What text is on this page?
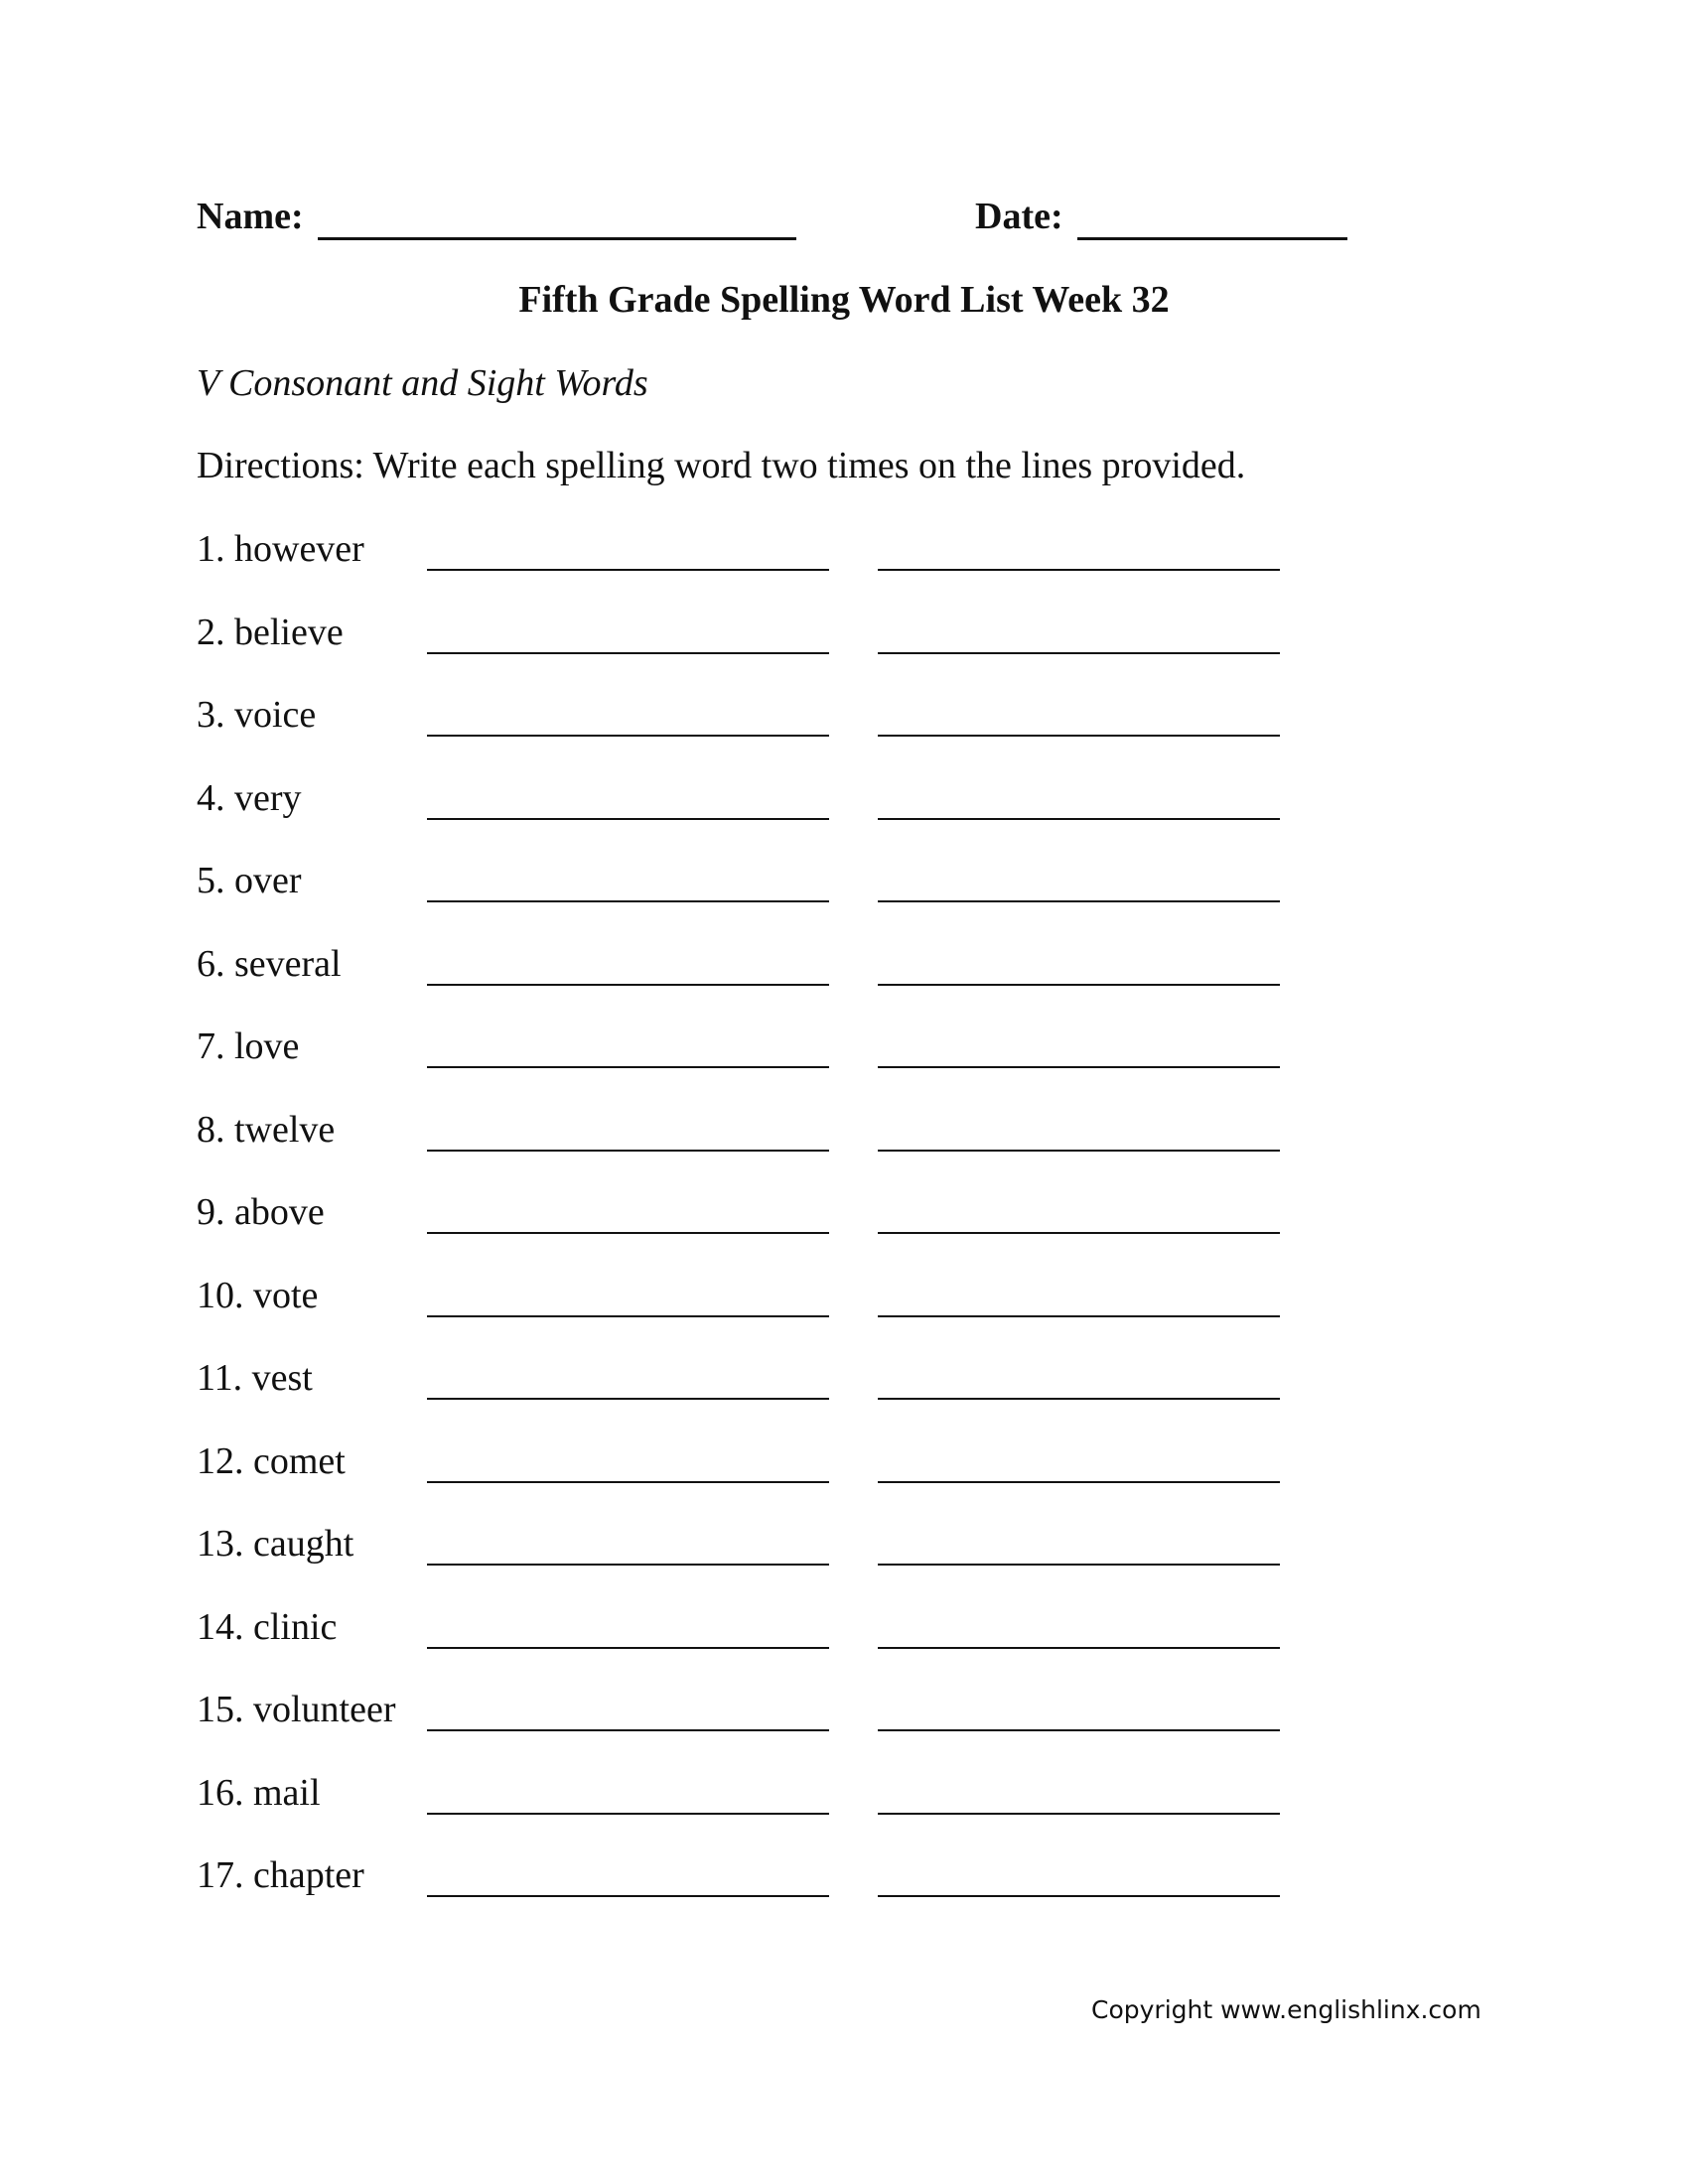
Name:	Date:
Fifth Grade Spelling Word List Week 32
V Consonant and Sight Words
Directions: Write each spelling word two times on the lines provided.
1. however
2. believe
3. voice
4. very
5. over
6. several
7. love
8. twelve
9. above
10. vote
11. vest
12. comet
13. caught
14. clinic
15. volunteer
16. mail
17. chapter
Copyright www.englishlinx.com
